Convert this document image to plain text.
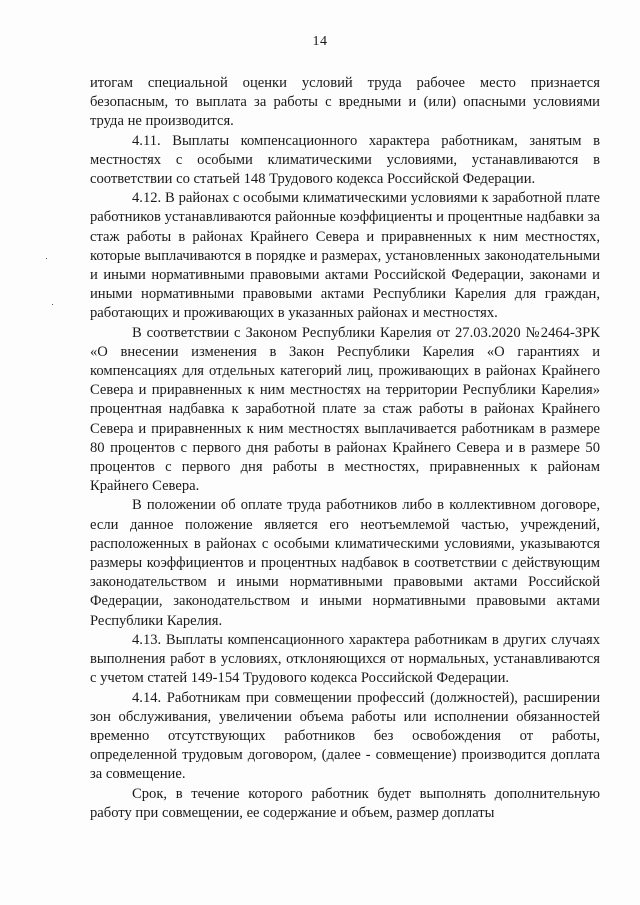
14

итогам специальной оценки условий труда рабочее место признается безопасным, то выплата за работы с вредными и (или) опасными условиями труда не производится.

4.11. Выплаты компенсационного характера работникам, занятым в местностях с особыми климатическими условиями, устанавливаются в соответствии со статьей 148 Трудового кодекса Российской Федерации.

4.12. В районах с особыми климатическими условиями к заработной плате работников устанавливаются районные коэффициенты и процентные надбавки за стаж работы в районах Крайнего Севера и приравненных к ним местностях, которые выплачиваются в порядке и размерах, установленных законодательными и иными нормативными правовыми актами Российской Федерации, законами и иными нормативными правовыми актами Республики Карелия для граждан, работающих и проживающих в указанных районах и местностях.

В соответствии с Законом Республики Карелия от 27.03.2020 №2464-ЗРК «О внесении изменения в Закон Республики Карелия «О гарантиях и компенсациях для отдельных категорий лиц, проживающих в районах Крайнего Севера и приравненных к ним местностях на территории Республики Карелия» процентная надбавка к заработной плате за стаж работы в районах Крайнего Севера и приравненных к ним местностях выплачивается работникам в размере 80 процентов с первого дня работы в районах Крайнего Севера и в размере 50 процентов с первого дня работы в местностях, приравненных к районам Крайнего Севера.

В положении об оплате труда работников либо в коллективном договоре, если данное положение является его неотъемлемой частью, учреждений, расположенных в районах с особыми климатическими условиями, указываются размеры коэффициентов и процентных надбавок в соответствии с действующим законодательством и иными нормативными правовыми актами Российской Федерации, законодательством и иными нормативными правовыми актами Республики Карелия.

4.13. Выплаты компенсационного характера работникам в других случаях выполнения работ в условиях, отклоняющихся от нормальных, устанавливаются с учетом статей 149-154 Трудового кодекса Российской Федерации.

4.14. Работникам при совмещении профессий (должностей), расширении зон обслуживания, увеличении объема работы или исполнении обязанностей временно отсутствующих работников без освобождения от работы, определенной трудовым договором, (далее - совмещение) производится доплата за совмещение.

Срок, в течение которого работник будет выполнять дополнительную работу при совмещении, ее содержание и объем, размер доплаты
